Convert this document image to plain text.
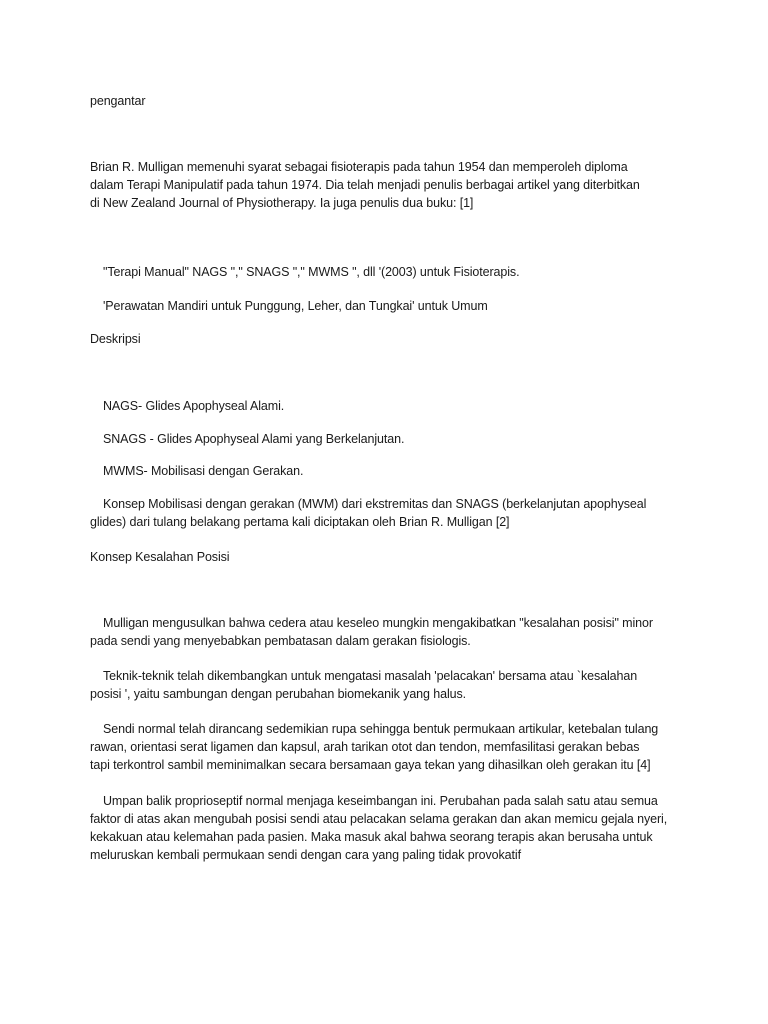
pengantar
Brian R. Mulligan memenuhi syarat sebagai fisioterapis pada tahun 1954 dan memperoleh diploma
dalam Terapi Manipulatif pada tahun 1974. Dia telah menjadi penulis berbagai artikel yang diterbitkan
di New Zealand Journal of Physiotherapy. Ia juga penulis dua buku: [1]
"Terapi Manual" NAGS "," SNAGS "," MWMS ", dll '(2003) untuk Fisioterapis.
'Perawatan Mandiri untuk Punggung, Leher, dan Tungkai' untuk Umum
Deskripsi
NAGS- Glides Apophyseal Alami.
SNAGS - Glides Apophyseal Alami yang Berkelanjutan.
MWMS- Mobilisasi dengan Gerakan.
Konsep Mobilisasi dengan gerakan (MWM) dari ekstremitas dan SNAGS (berkelanjutan apophyseal
glides) dari tulang belakang pertama kali diciptakan oleh Brian R. Mulligan [2]
Konsep Kesalahan Posisi
Mulligan mengusulkan bahwa cedera atau keseleo mungkin mengakibatkan "kesalahan posisi" minor
pada sendi yang menyebabkan pembatasan dalam gerakan fisiologis.
Teknik-teknik telah dikembangkan untuk mengatasi masalah 'pelacakan' bersama atau `kesalahan
posisi ', yaitu sambungan dengan perubahan biomekanik yang halus.
Sendi normal telah dirancang sedemikian rupa sehingga bentuk permukaan artikular, ketebalan tulang
rawan, orientasi serat ligamen dan kapsul, arah tarikan otot dan tendon, memfasilitasi gerakan bebas
tapi terkontrol sambil meminimalkan secara bersamaan gaya tekan yang dihasilkan oleh gerakan itu [4]
Umpan balik proprioseptif normal menjaga keseimbangan ini. Perubahan pada salah satu atau semua
faktor di atas akan mengubah posisi sendi atau pelacakan selama gerakan dan akan memicu gejala nyeri,
kekakuan atau kelemahan pada pasien. Maka masuk akal bahwa seorang terapis akan berusaha untuk
meluruskan kembali permukaan sendi dengan cara yang paling tidak provokatif
